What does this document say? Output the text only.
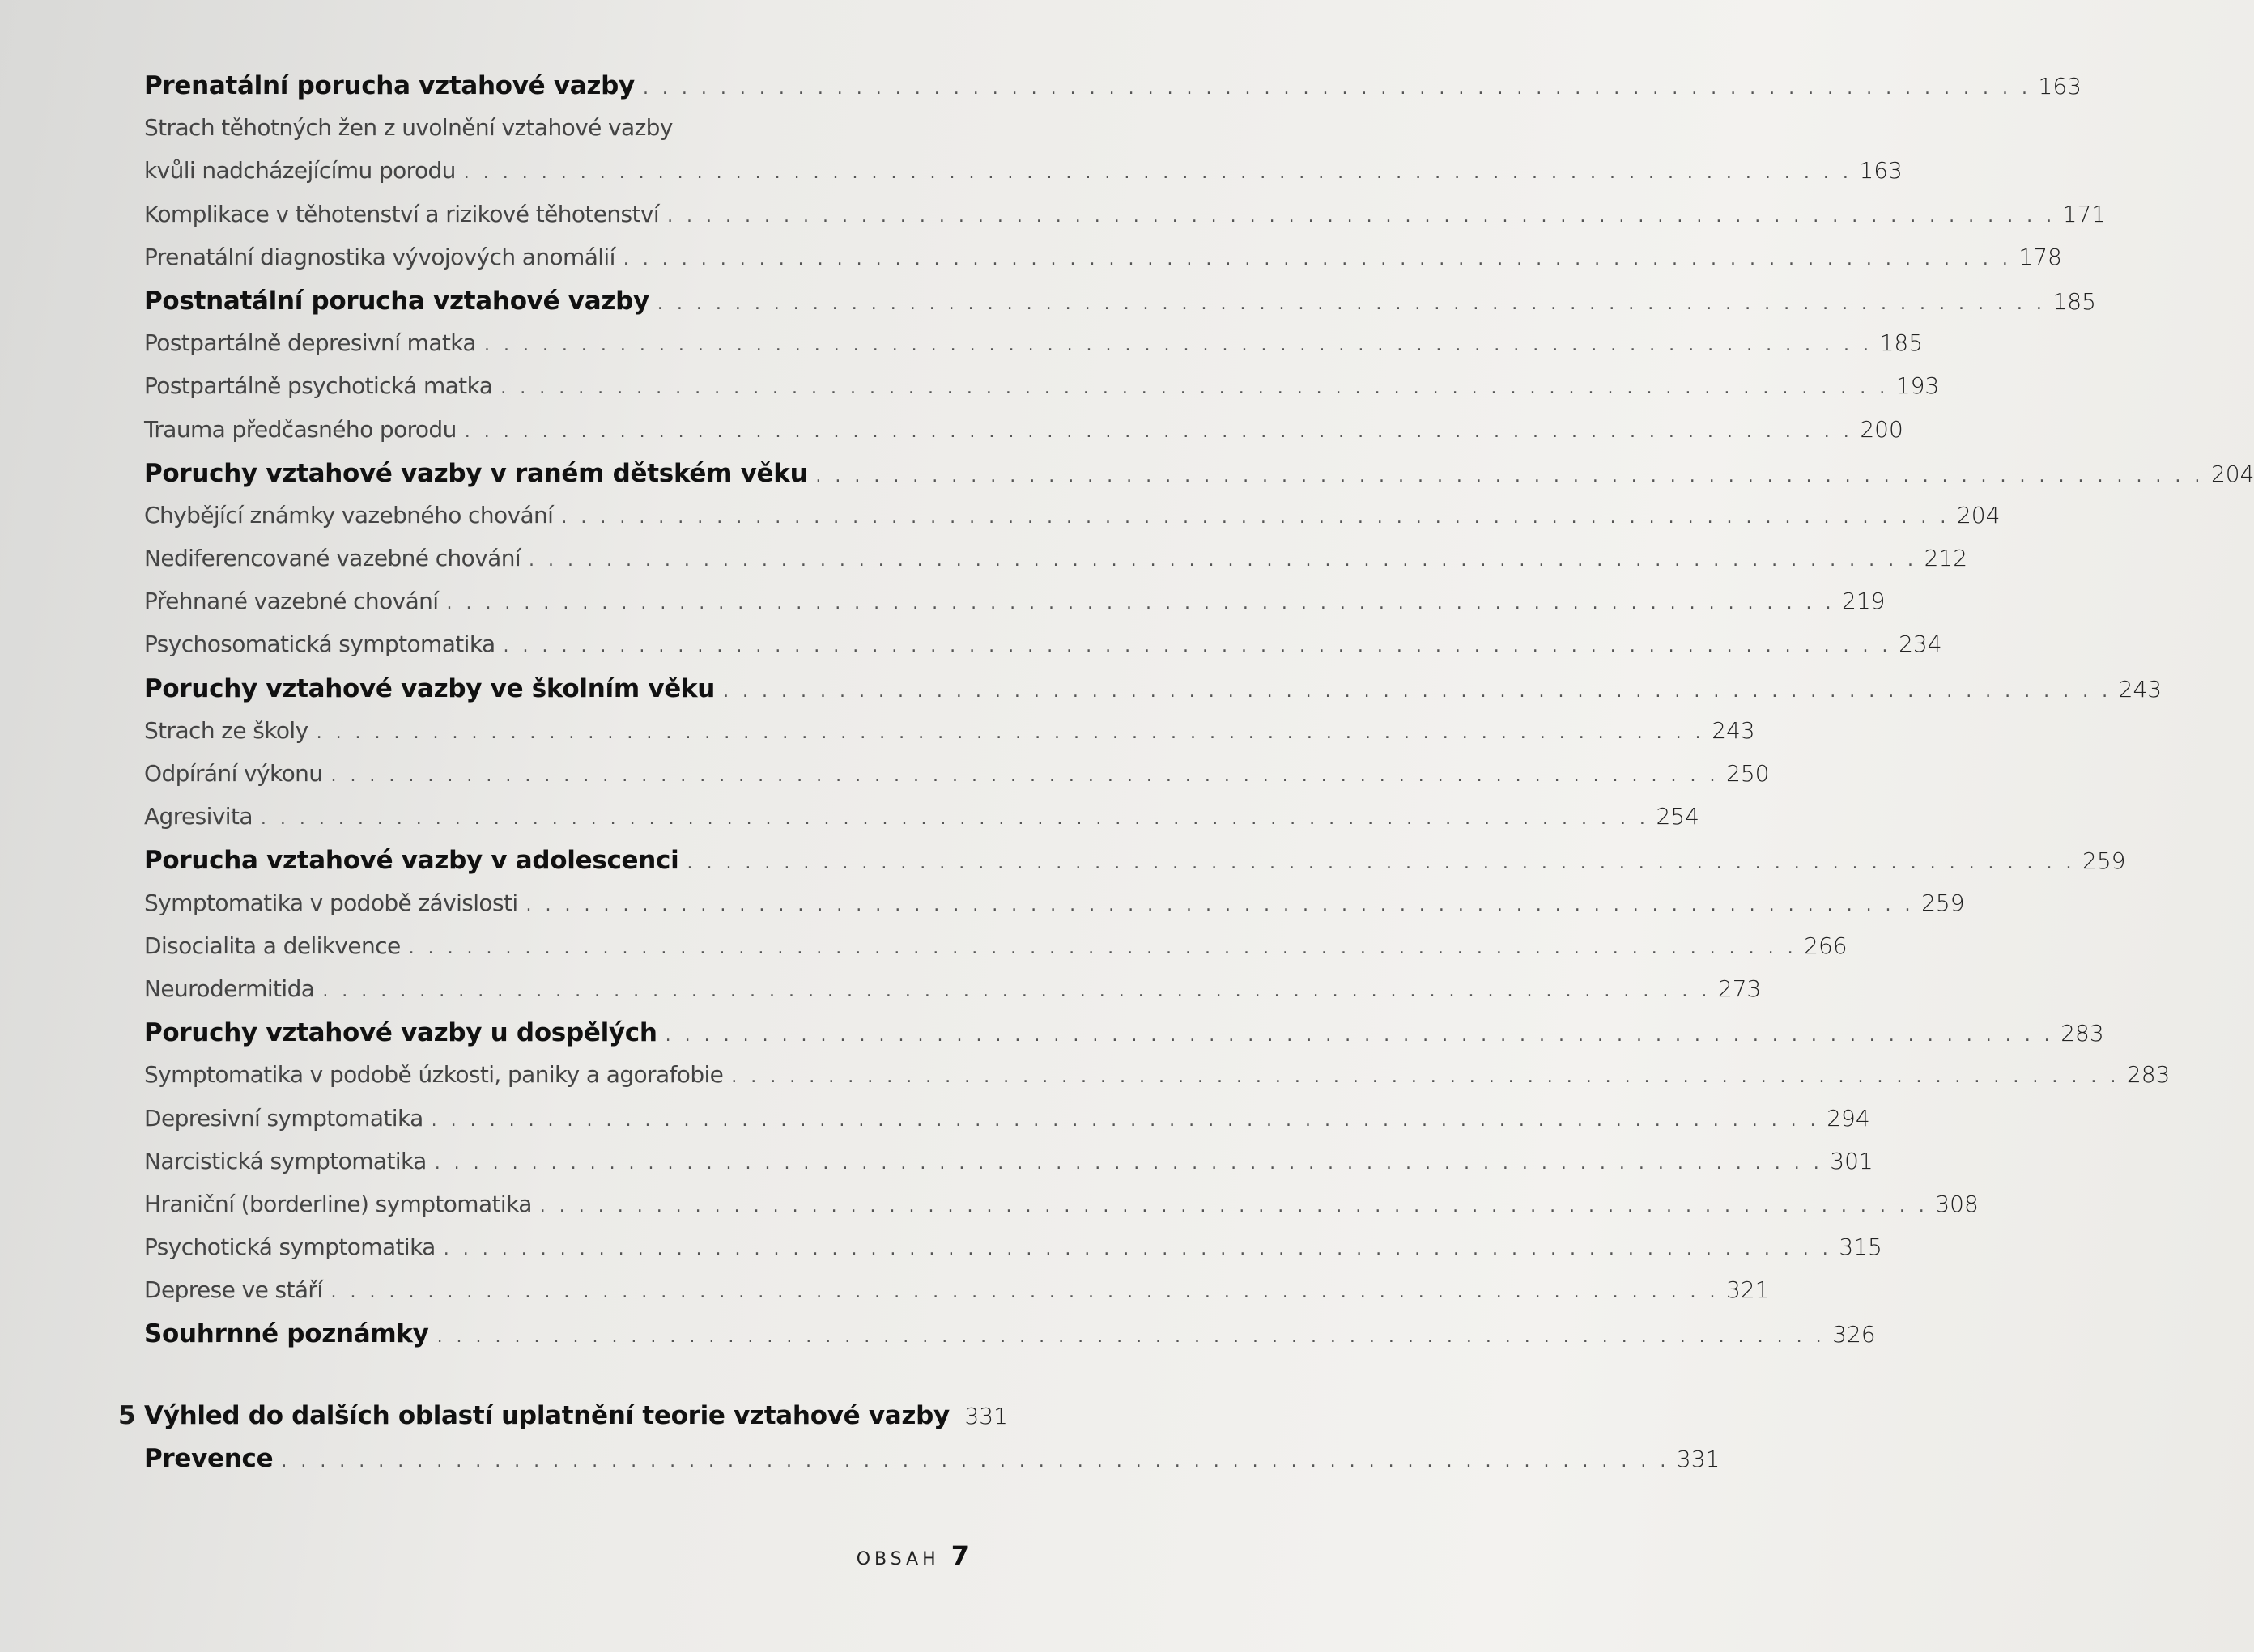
Prenatální porucha vztahové vazby . . . . . . . . . . . . . . . . . . . . . . . . . . . . . . . . . . . . . . . . . . . . . . . . . . . . . . . . . . . . . . . . . . . . . . . . 163
Strach těhotných žen z uvolnění vztahové vazby
kvůli nadcházejícímu porodu . . . . . . . . . . . . . . . . . . . . . . . . . . . . . . . . . . . . . . . . . . . . . . . . . . . . . . . . . . . . . . . . . . . . . . . . 163
Komplikace v těhotenství a rizikové těhotenství . . . . . . . . . . . . . . . . . . . . . . . . . . . . . . . . . . . . . . . . . . . . . . . . . . . . . . . . . . . . . . . . . . . . . . . . 171
Prenatální diagnostika vývojových anomálií . . . . . . . . . . . . . . . . . . . . . . . . . . . . . . . . . . . . . . . . . . . . . . . . . . . . . . . . . . . . . . . . . . . . . . . . 178
Postnatální porucha vztahové vazby . . . . . . . . . . . . . . . . . . . . . . . . . . . . . . . . . . . . . . . . . . . . . . . . . . . . . . . . . . . . . . . . . . . . . . . . 185
Postpartálně depresivní matka . . . . . . . . . . . . . . . . . . . . . . . . . . . . . . . . . . . . . . . . . . . . . . . . . . . . . . . . . . . . . . . . . . . . . . . . 185
Postpartálně psychotická matka . . . . . . . . . . . . . . . . . . . . . . . . . . . . . . . . . . . . . . . . . . . . . . . . . . . . . . . . . . . . . . . . . . . . . . . . 193
Trauma předčasného porodu . . . . . . . . . . . . . . . . . . . . . . . . . . . . . . . . . . . . . . . . . . . . . . . . . . . . . . . . . . . . . . . . . . . . . . . . 200
Poruchy vztahové vazby v raném dětském věku . . . . . . . . . . . . . . . . . . . . . . . . . . . . . . . . . . . . . . . . . . . . . . . . . . . . . . . . . . . . . . . . . . . . . . . . 204
Chybějící známky vazebného chování . . . . . . . . . . . . . . . . . . . . . . . . . . . . . . . . . . . . . . . . . . . . . . . . . . . . . . . . . . . . . . . . . . . . . . . . 204
Nediferencované vazebné chování . . . . . . . . . . . . . . . . . . . . . . . . . . . . . . . . . . . . . . . . . . . . . . . . . . . . . . . . . . . . . . . . . . . . . . . . 212
Přehnané vazebné chování . . . . . . . . . . . . . . . . . . . . . . . . . . . . . . . . . . . . . . . . . . . . . . . . . . . . . . . . . . . . . . . . . . . . . . . . 219
Psychosomatická symptomatika . . . . . . . . . . . . . . . . . . . . . . . . . . . . . . . . . . . . . . . . . . . . . . . . . . . . . . . . . . . . . . . . . . . . . . . . 234
Poruchy vztahové vazby ve školním věku . . . . . . . . . . . . . . . . . . . . . . . . . . . . . . . . . . . . . . . . . . . . . . . . . . . . . . . . . . . . . . . . . . . . . . . . 243
Strach ze školy . . . . . . . . . . . . . . . . . . . . . . . . . . . . . . . . . . . . . . . . . . . . . . . . . . . . . . . . . . . . . . . . . . . . . . . . 243
Odpírání výkonu . . . . . . . . . . . . . . . . . . . . . . . . . . . . . . . . . . . . . . . . . . . . . . . . . . . . . . . . . . . . . . . . . . . . . . . . 250
Agresivita . . . . . . . . . . . . . . . . . . . . . . . . . . . . . . . . . . . . . . . . . . . . . . . . . . . . . . . . . . . . . . . . . . . . . . . . 254
Porucha vztahové vazby v adolescenci . . . . . . . . . . . . . . . . . . . . . . . . . . . . . . . . . . . . . . . . . . . . . . . . . . . . . . . . . . . . . . . . . . . . . . . . 259
Symptomatika v podobě závislosti . . . . . . . . . . . . . . . . . . . . . . . . . . . . . . . . . . . . . . . . . . . . . . . . . . . . . . . . . . . . . . . . . . . . . . . . 259
Disocialita a delikvence . . . . . . . . . . . . . . . . . . . . . . . . . . . . . . . . . . . . . . . . . . . . . . . . . . . . . . . . . . . . . . . . . . . . . . . . 266
Neurodermitida . . . . . . . . . . . . . . . . . . . . . . . . . . . . . . . . . . . . . . . . . . . . . . . . . . . . . . . . . . . . . . . . . . . . . . . . 273
Poruchy vztahové vazby u dospělých . . . . . . . . . . . . . . . . . . . . . . . . . . . . . . . . . . . . . . . . . . . . . . . . . . . . . . . . . . . . . . . . . . . . . . . . 283
Symptomatika v podobě úzkosti, paniky a agorafobie . . . . . . . . . . . . . . . . . . . . . . . . . . . . . . . . . . . . . . . . . . . . . . . . . . . . . . . . . . . . . . . . . . . . . . . . 283
Depresivní symptomatika . . . . . . . . . . . . . . . . . . . . . . . . . . . . . . . . . . . . . . . . . . . . . . . . . . . . . . . . . . . . . . . . . . . . . . . . 294
Narcistická symptomatika . . . . . . . . . . . . . . . . . . . . . . . . . . . . . . . . . . . . . . . . . . . . . . . . . . . . . . . . . . . . . . . . . . . . . . . . 301
Hraniční (borderline) symptomatika . . . . . . . . . . . . . . . . . . . . . . . . . . . . . . . . . . . . . . . . . . . . . . . . . . . . . . . . . . . . . . . . . . . . . . . . 308
Psychotická symptomatika . . . . . . . . . . . . . . . . . . . . . . . . . . . . . . . . . . . . . . . . . . . . . . . . . . . . . . . . . . . . . . . . . . . . . . . . 315
Deprese ve stáří . . . . . . . . . . . . . . . . . . . . . . . . . . . . . . . . . . . . . . . . . . . . . . . . . . . . . . . . . . . . . . . . . . . . . . . . 321
Souhrnné poznámky . . . . . . . . . . . . . . . . . . . . . . . . . . . . . . . . . . . . . . . . . . . . . . . . . . . . . . . . . . . . . . . . . . . . . . . . 326
5 Výhled do dalších oblastí uplatnění teorie vztahové vazby 331
Prevence . . . . . . . . . . . . . . . . . . . . . . . . . . . . . . . . . . . . . . . . . . . . . . . . . . . . . . . . . . . . . . . . . . . . . . . . 331
OBSAH 7
